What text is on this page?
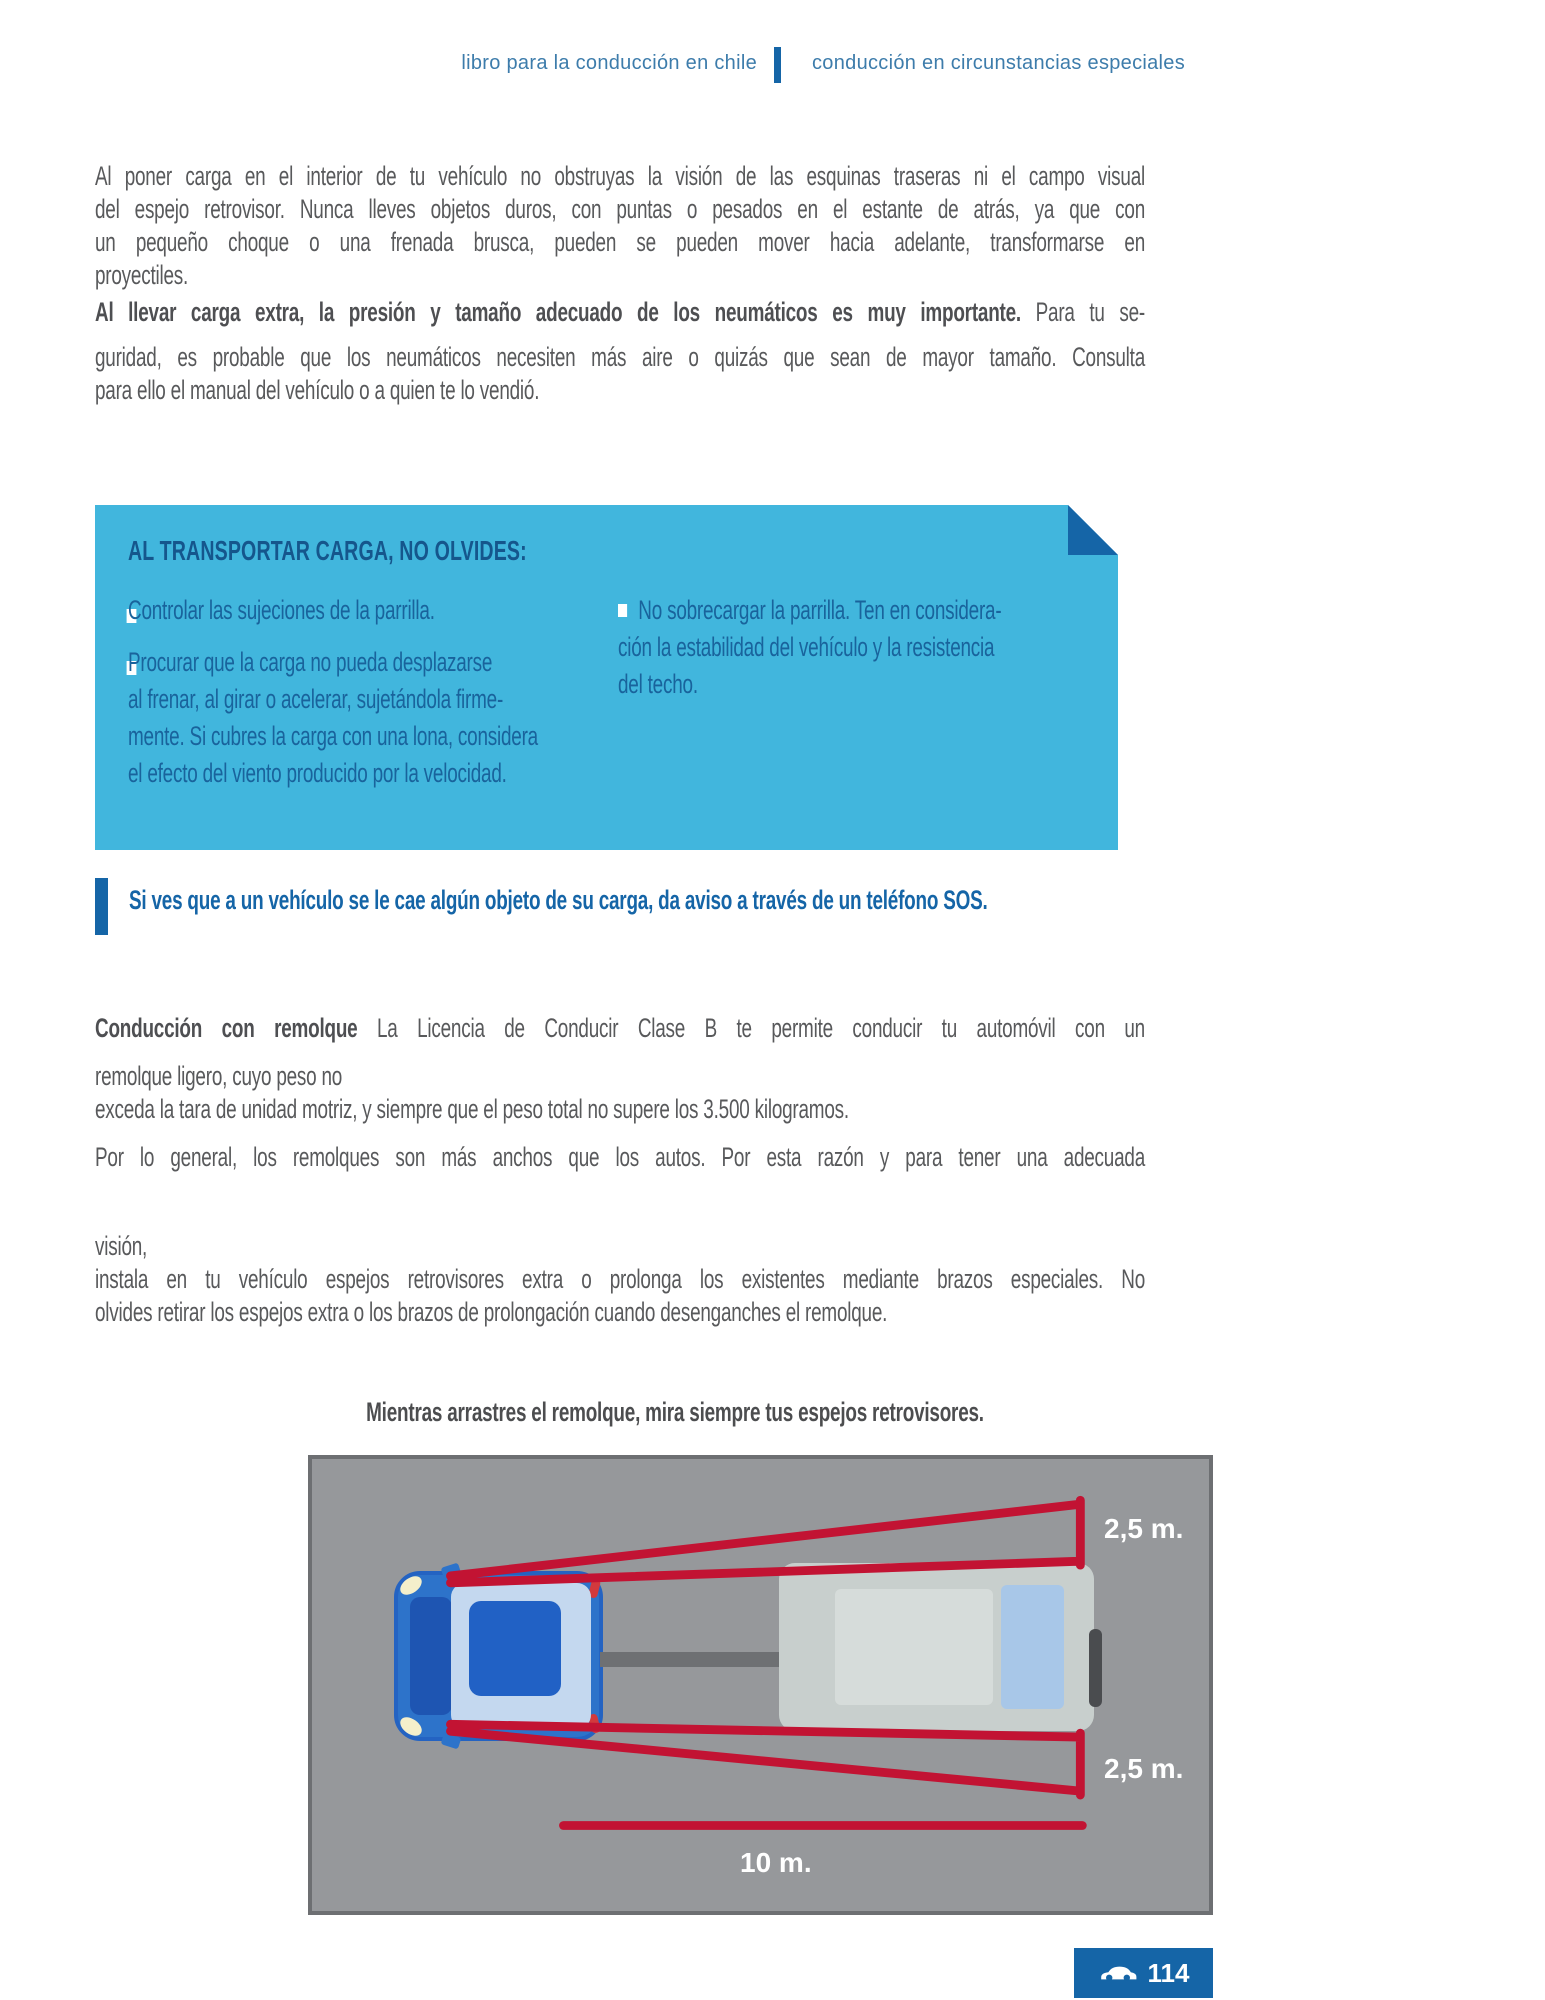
libro para la conducción en chile	conducción en circunstancias especiales
Al poner carga en el interior de tu vehículo no obstruyas la visión de las esquinas traseras ni el campo visual
del espejo retrovisor. Nunca lleves objetos duros, con puntas o pesados en el estante de atrás, ya que con
un pequeño choque o una frenada brusca, pueden se pueden mover hacia adelante, transformarse en
proyectiles.
Al llevar carga extra, la presión y tamaño adecuado de los neumáticos es muy importante. Para tu se-
guridad, es probable que los neumáticos necesiten más aire o quizás que sean de mayor tamaño. Consulta
para ello el manual del vehículo o a quien te lo vendió.
AL TRANSPORTAR CARGA, NO OLVIDES:
Controlar las sujeciones de la parrilla.
Procurar que la carga no pueda desplazarse
al frenar, al girar o acelerar, sujetándola firme-
mente. Si cubres la carga con una lona, considera
el efecto del viento producido por la velocidad.
No sobrecargar la parrilla. Ten en considera-
ción la estabilidad del vehículo y la resistencia
del techo.
Si ves que a un vehículo se le cae algún objeto de su carga, da aviso a través de un teléfono SOS.
Conducción con remolque La Licencia de Conducir Clase B te permite conducir tu automóvil con un
remolque ligero, cuyo peso no
exceda la tara de unidad motriz, y siempre que el peso total no supere los 3.500 kilogramos.
Por lo general, los remolques son más anchos que los autos. Por esta razón y para tener una adecuada
visión,
instala en tu vehículo espejos retrovisores extra o prolonga los existentes mediante brazos especiales. No
olvides retirar los espejos extra o los brazos de prolongación cuando desenganches el remolque.
Mientras arrastres el remolque, mira siempre tus espejos retrovisores.
2,5 m.
2,5 m.
10 m.
114
